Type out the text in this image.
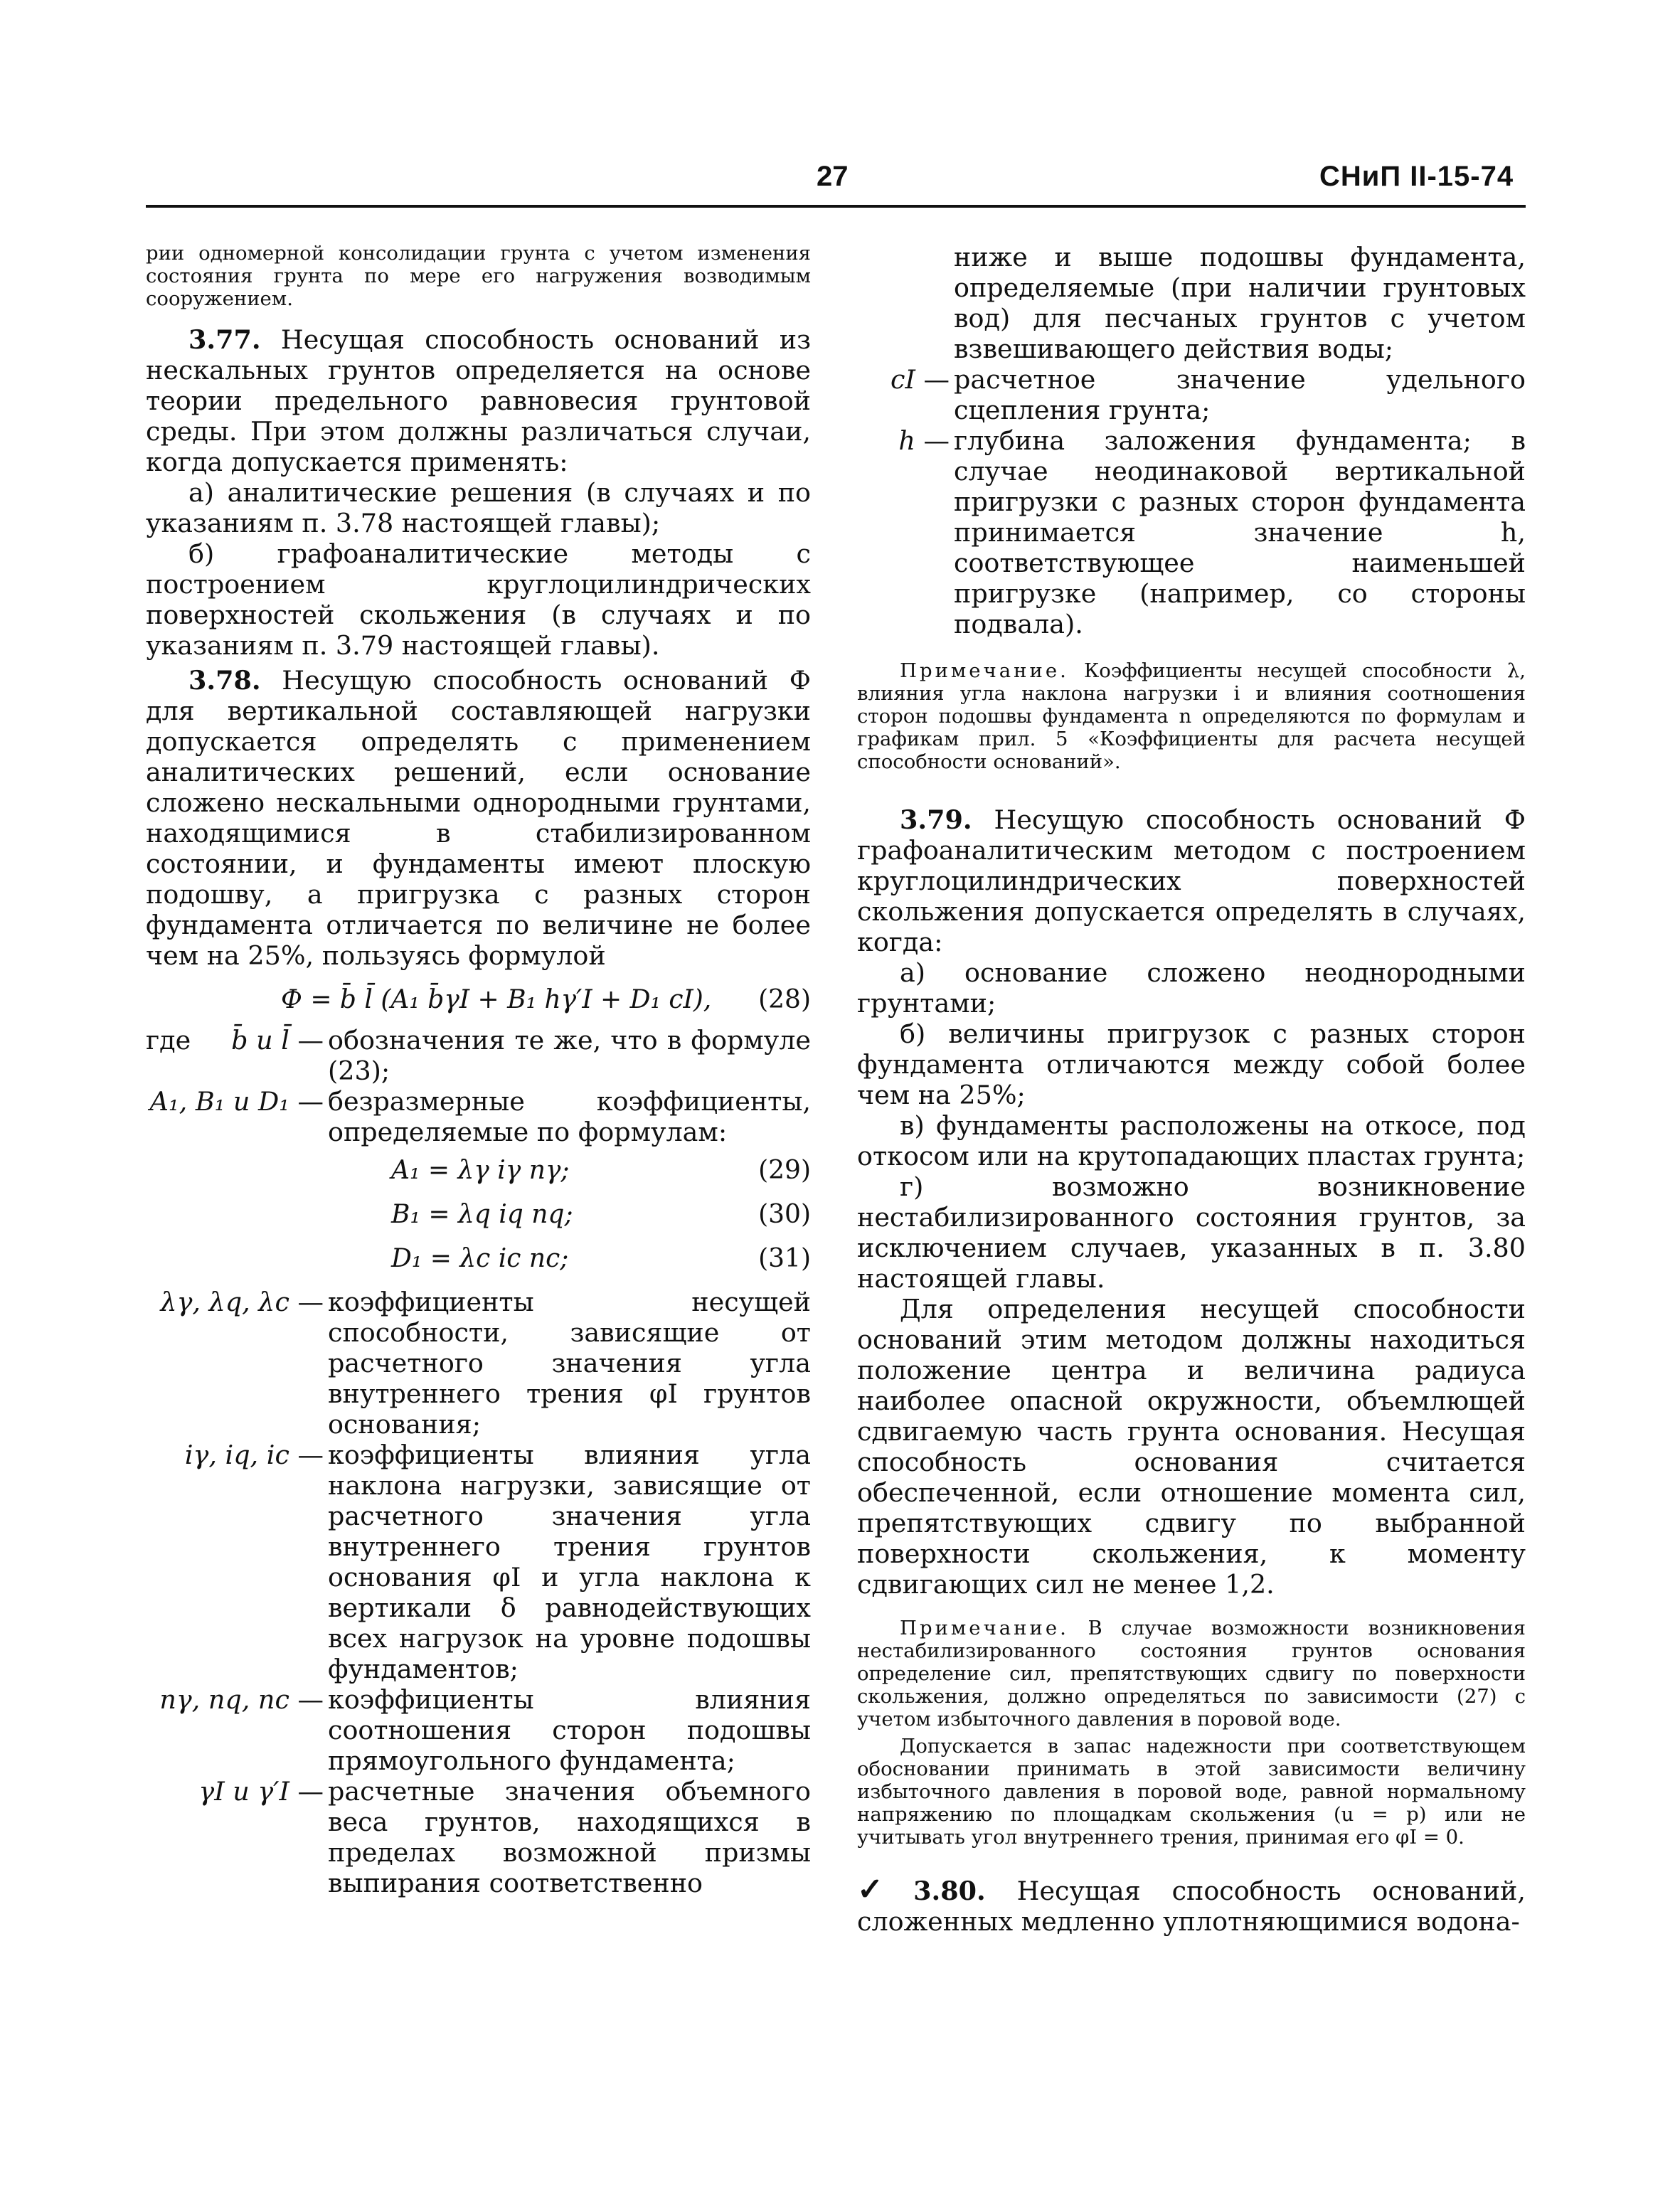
27	СНиП II-15-74

рии одномерной консолидации грунта с учетом изменения состояния грунта по мере его нагружения возводимым сооружением.

3.77. Несущая способность оснований из нескальных грунтов определяется на основе теории предельного равновесия грунтовой среды. При этом должны различаться случаи, когда допускается применять:

а) аналитические решения (в случаях и по указаниям п. 3.78 настоящей главы);

б) графоаналитические методы с построением круглоцилиндрических поверхностей скольжения (в случаях и по указаниям п. 3.79 настоящей главы).

3.78. Несущую способность оснований Ф для вертикальной составляющей нагрузки допускается определять с применением аналитических решений, если основание сложено нескальными однородными грунтами, находящимися в стабилизированном состоянии, и фундаменты имеют плоскую подошву, а пригрузка с разных сторон фундамента отличается по величине не более чем на 25%, пользуясь формулой

Ф = b̄ l̄ (A₁ b̄γI + B₁ hγ′I + D₁ cI), (28)
где b̄ и l̄ —	обозначения те же, что в формуле (23);
A₁, B₁ и D₁ —	безразмерные коэффициенты, определяемые по формулам:
A₁ = λγ iγ nγ;	(29)
B₁ = λq iq nq;	(30)
D₁ = λc ic nc;	(31)
λγ, λq, λc —	коэффициенты несущей способности, зависящие от расчетного значения угла внутреннего трения φI грунтов основания;
iγ, iq, ic —	коэффициенты влияния угла наклона нагрузки, зависящие от расчетного значения угла внутреннего трения грунтов основания φI и угла наклона к вертикали δ равнодействующих всех нагрузок на уровне подошвы фундаментов;
nγ, nq, nc —	коэффициенты влияния соотношения сторон подошвы прямоугольного фундамента;
γI и γ′I —	расчетные значения объемного веса грунтов, находящихся в пределах возможной призмы выпирания соответственно
	ниже и выше подошвы фундамента, определяемые (при наличии грунтовых вод) для песчаных грунтов с учетом взвешивающего действия воды;
cI —	расчетное значение удельного сцепления грунта;
h —	глубина заложения фундамента; в случае неодинаковой вертикальной пригрузки с разных сторон фундамента принимается значение h, соответствующее наименьшей пригрузке (например, со стороны подвала).

Примечание. Коэффициенты несущей способности λ, влияния угла наклона нагрузки i и влияния соотношения сторон подошвы фундамента n определяются по формулам и графикам прил. 5 «Коэффициенты для расчета несущей способности оснований».

3.79. Несущую способность оснований Ф графоаналитическим методом с построением круглоцилиндрических поверхностей скольжения допускается определять в случаях, когда:

а) основание сложено неоднородными грунтами;

б) величины пригрузок с разных сторон фундамента отличаются между собой более чем на 25%;

в) фундаменты расположены на откосе, под откосом или на крутопадающих пластах грунта;

г) возможно возникновение нестабилизированного состояния грунтов, за исключением случаев, указанных в п. 3.80 настоящей главы.

Для определения несущей способности оснований этим методом должны находиться положение центра и величина радиуса наиболее опасной окружности, объемлющей сдвигаемую часть грунта основания. Несущая способность основания считается обеспеченной, если отношение момента сил, препятствующих сдвигу по выбранной поверхности скольжения, к моменту сдвигающих сил не менее 1,2.

Примечание. В случае возможности возникновения нестабилизированного состояния грунтов основания определение сил, препятствующих сдвигу по поверхности скольжения, должно определяться по зависимости (27) с учетом избыточного давления в поровой воде.

Допускается в запас надежности при соответствующем обосновании принимать в этой зависимости величину избыточного давления в поровой воде, равной нормальному напряжению по площадкам скольжения (u = p) или не учитывать угол внутреннего трения, принимая его φI = 0.

✓ 3.80. Несущая способность оснований, сложенных медленно уплотняющимися водона-
